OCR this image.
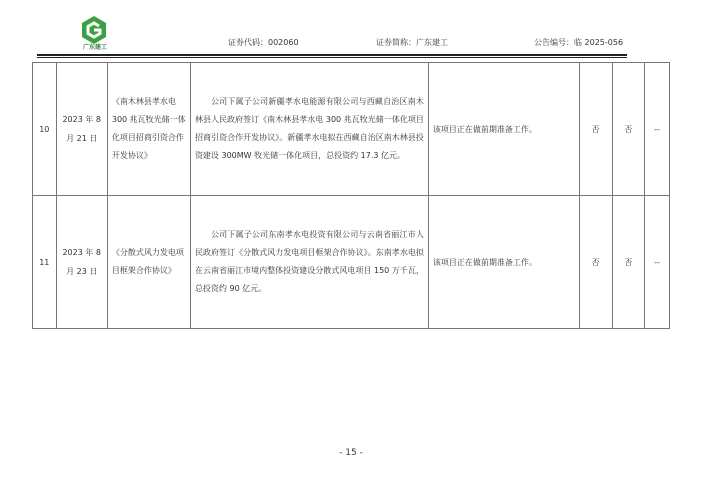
广东建工
证券代码：002060	证券简称：广东建工	公告编号：临 2025-056
10	2023 年 8 月 21 日	《南木林县孝水电 300 兆瓦牧光储一体化项目招商引资合作开发协议》	公司下属子公司新疆孝水电能源有限公司与西藏自治区南木林县人民政府签订《南木林县孝水电 300 兆瓦牧光储一体化项目招商引资合作开发协议》。新疆孝水电拟在西藏自治区南木林县投资建设 300MW 牧光储一体化项目，总投资约 17.3 亿元。	该项目正在做前期准备工作。	否	否	--
11	2023 年 8 月 23 日	《分散式风力发电项目框架合作协议》	公司下属子公司东南孝水电投资有限公司与云南省丽江市人民政府签订《分散式风力发电项目框架合作协议》。东南孝水电拟在云南省丽江市境内整体投资建设分散式风电项目 150 万千瓦，总投资约 90 亿元。	该项目正在做前期准备工作。	否	否	--
- 15 -
